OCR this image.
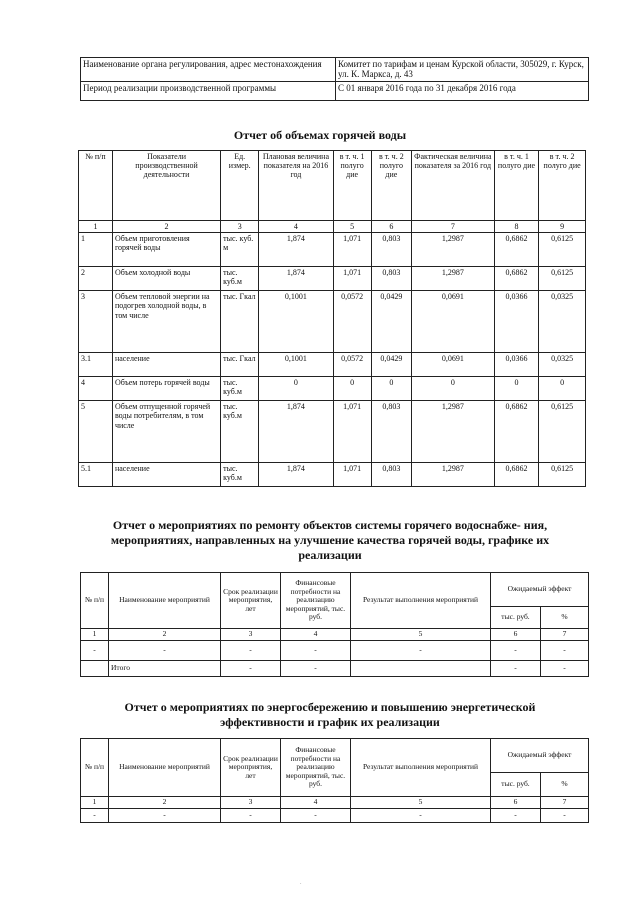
Наименование органа регулирования, адрес местонахождения	Комитет по тарифам и ценам Курской области, 305029, г. Курск, ул. К. Маркса, д. 43
Период реализации производственной программы	С 01 января 2016 года по 31 декабря 2016 года
Отчет об объемах горячей воды
№ п/п	Показатели производственной деятельности	Ед. измер.	Плановая величина показателя на 2016 год	в т. ч. 1 полуго дие	в т. ч. 2 полуго дие	Фактическая величина показателя за 2016 год	в т. ч. 1 полуго дие	в т. ч. 2 полуго дие
1	2	3	4	5	6	7	8	9
1	Объем приготовления горячей воды	тыс. куб. м	1,874	1,071	0,803	1,2987	0,6862	0,6125
2	Объем холодной воды	тыс. куб.м	1,874	1,071	0,803	1,2987	0,6862	0,6125
3	Объем тепловой энергии на подогрев холодной воды, в том числе	тыс. Гкал	0,1001	0,0572	0,0429	0,0691	0,0366	0,0325
3.1	население	тыс. Гкал	0,1001	0,0572	0,0429	0,0691	0,0366	0,0325
4	Объем потерь горячей воды	тыс. куб.м	0	0	0	0	0	0
5	Объем отпущенной горячей воды потребителям, в том числе	тыс. куб.м	1,874	1,071	0,803	1,2987	0,6862	0,6125
5.1	население	тыс. куб.м	1,874	1,071	0,803	1,2987	0,6862	0,6125
Отчет о мероприятиях по ремонту объектов системы горячего водоснабже- ния, мероприятиях, направленных на улучшение качества горячей воды, графике их реализации
№ п/п	Наименование мероприятий	Срок реализации мероприятия, лет	Финансовые потребности на реализацию мероприятий, тыс. руб.	Результат выполнения мероприятий	Ожидаемый эффект	
					тыс. руб.	%
1	2	3	4	5	6	7
-	-	-	-	-	-	-
	Итого	-	-		-	-
Отчет о мероприятиях по энергосбережению и повышению энергетической эффективности и график их реализации
№ п/п	Наименование мероприятий	Срок реализации мероприятия, лет	Финансовые потребности на реализацию мероприятий, тыс. руб.	Результат выполнения мероприятий	Ожидаемый эффект	
					тыс. руб.	%
1	2	3	4	5	6	7
-	-	-	-	-	-	-
.
